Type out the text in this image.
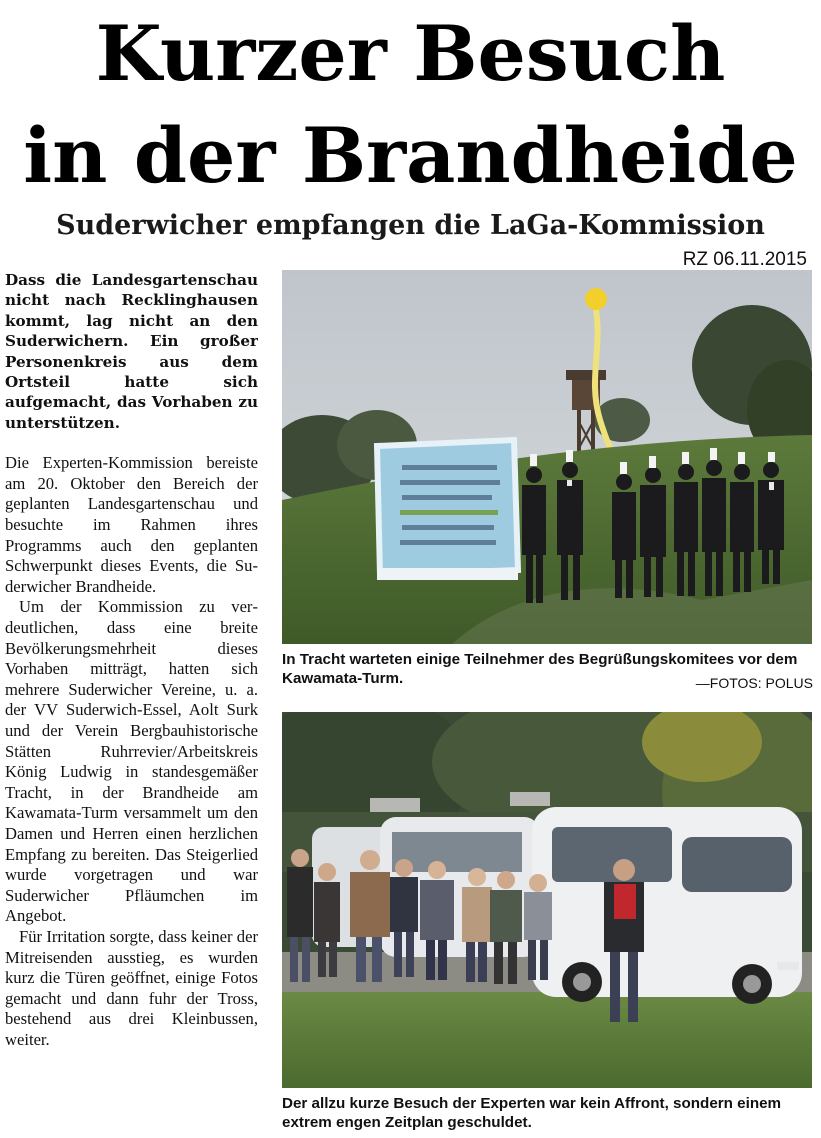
Kurzer Besuch
in der Brandheide
Suderwicher empfangen die LaGa-Kommission
RZ 06.11.2015

Dass die Landesgartenschau nicht nach Recklinghausen kommt, lag nicht an den Suderwichern. Ein großer Personenkreis aus dem Ortsteil hatte sich aufgemacht, das Vorhaben zu unterstützen.

Die Experten-Kommission bereiste am 20. Oktober den Bereich der geplanten Landesgartenschau und besuchte im Rahmen ihres Programms auch den geplanten Schwerpunkt dieses Events, die Suderwicher Brandheide.

Um der Kommission zu verdeutlichen, dass eine breite Bevölkerungsmehrheit dieses Vorhaben mitträgt, hatten sich mehrere Suderwicher Vereine, u. a. der VV Suderwich-Essel, Aolt Surk und der Verein Bergbauhistorische Stätten Ruhrrevier/Arbeitskreis König Ludwig in standesgemäßer Tracht, in der Brandheide am Kawamata-Turm versammelt um den Damen und Herren einen herzlichen Empfang zu bereiten. Das Steigerlied wurde vorgetragen und war Suderwicher Pfläumchen im Angebot.

Für Irritation sorgte, dass keiner der Mitreisenden ausstieg, es wurden kurz die Türen geöffnet, einige Fotos gemacht und dann fuhr der Tross, bestehend aus drei Kleinbussen, weiter.

In Tracht warteten einige Teilnehmer des Begrüßungskomitees vor dem Kawamata-Turm.	—FOTOS: POLUS
Der allzu kurze Besuch der Experten war kein Affront, sondern einem extrem engen Zeitplan geschuldet.
